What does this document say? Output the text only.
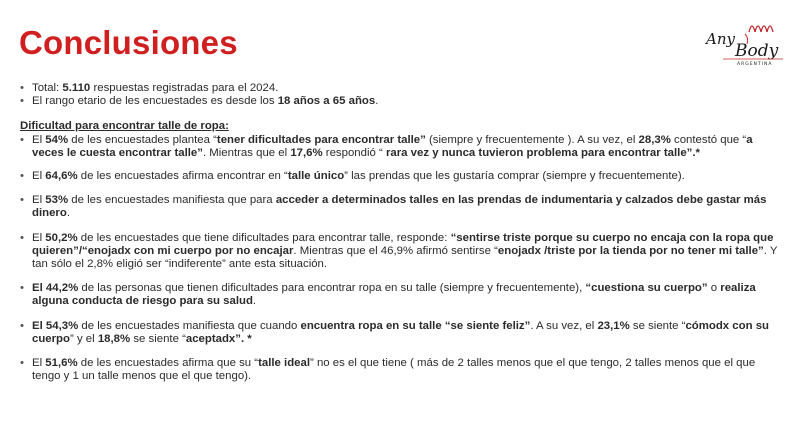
Conclusiones	Any
Body
ARGENTINA
• Total: 5.110 respuestas registradas para el 2024.
• El rango etario de les encuestades es desde los 18 años a 65 años.
Dificultad para encontrar talle de ropa:
• El 54% de les encuestades plantea “tener dificultades para encontrar talle” (siempre y frecuentemente ). A su vez, el 28,3% contestó que “a veces le cuesta encontrar talle”. Mientras que el 17,6% respondió “ rara vez y nunca tuvieron problema para encontrar talle”.*
• El 64,6% de les encuestades afirma encontrar en “talle único” las prendas que les gustaría comprar (siempre y frecuentemente).
• El 53% de les encuestades manifiesta que para acceder a determinados talles en las prendas de indumentaria y calzados debe gastar más dinero.
• El 50,2% de les encuestades que tiene dificultades para encontrar talle, responde: “sentirse triste porque su cuerpo no encaja con la ropa que quieren”/“enojadx con mi cuerpo por no encajar. Mientras que el 46,9% afirmó sentirse “enojadx /triste por la tienda por no tener mi talle”. Y tan sólo el 2,8% eligió ser “indiferente” ante esta situación.
• El 44,2% de las personas que tienen dificultades para encontrar ropa en su talle (siempre y frecuentemente), “cuestiona su cuerpo” o realiza alguna conducta de riesgo para su salud.
• El 54,3% de les encuestades manifiesta que cuando encuentra ropa en su talle “se siente feliz”. A su vez, el 23,1% se siente “cómodx con su cuerpo” y el 18,8% se siente “aceptadx”. *
• El 51,6% de les encuestades afirma que su “talle ideal” no es el que tiene ( más de 2 talles menos que el que tengo, 2 talles menos que el que tengo y 1 un talle menos que el que tengo).
